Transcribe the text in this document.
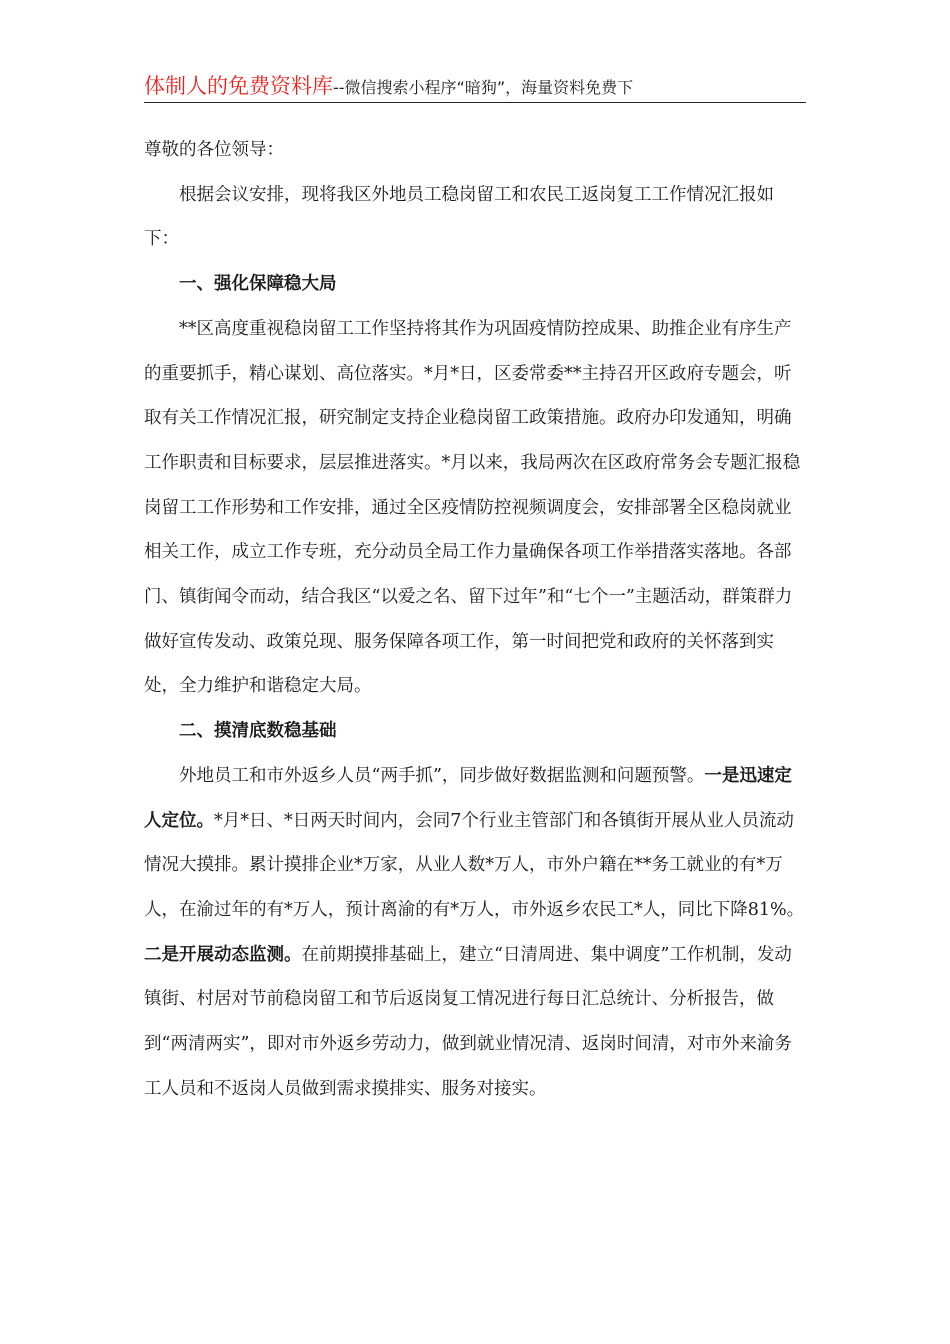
体制人的免费资料库--微信搜索小程序“暗狗”，海量资料免费下

尊敬的各位领导：

根据会议安排，现将我区外地员工稳岗留工和农民工返岗复工工作情况汇报如下：

一、强化保障稳大局

**区高度重视稳岗留工工作坚持将其作为巩固疫情防控成果、助推企业有序生产的重要抓手，精心谋划、高位落实。*月*日，区委常委**主持召开区政府专题会，听取有关工作情况汇报，研究制定支持企业稳岗留工政策措施。政府办印发通知，明确工作职责和目标要求，层层推进落实。*月以来，我局两次在区政府常务会专题汇报稳岗留工工作形势和工作安排，通过全区疫情防控视频调度会，安排部署全区稳岗就业相关工作，成立工作专班，充分动员全局工作力量确保各项工作举措落实落地。各部门、镇街闻令而动，结合我区“以爱之名、留下过年”和“七个一”主题活动，群策群力做好宣传发动、政策兑现、服务保障各项工作，第一时间把党和政府的关怀落到实处，全力维护和谐稳定大局。

二、摸清底数稳基础

外地员工和市外返乡人员“两手抓”，同步做好数据监测和问题预警。一是迅速定人定位。*月*日、*日两天时间内，会同7个行业主管部门和各镇街开展从业人员流动情况大摸排。累计摸排企业*万家，从业人数*万人，市外户籍在**务工就业的有*万人，在渝过年的有*万人，预计离渝的有*万人，市外返乡农民工*人，同比下降81%。二是开展动态监测。在前期摸排基础上，建立“日清周进、集中调度”工作机制，发动镇街、村居对节前稳岗留工和节后返岗复工情况进行每日汇总统计、分析报告，做到“两清两实”，即对市外返乡劳动力，做到就业情况清、返岗时间清，对市外来渝务工人员和不返岗人员做到需求摸排实、服务对接实。
